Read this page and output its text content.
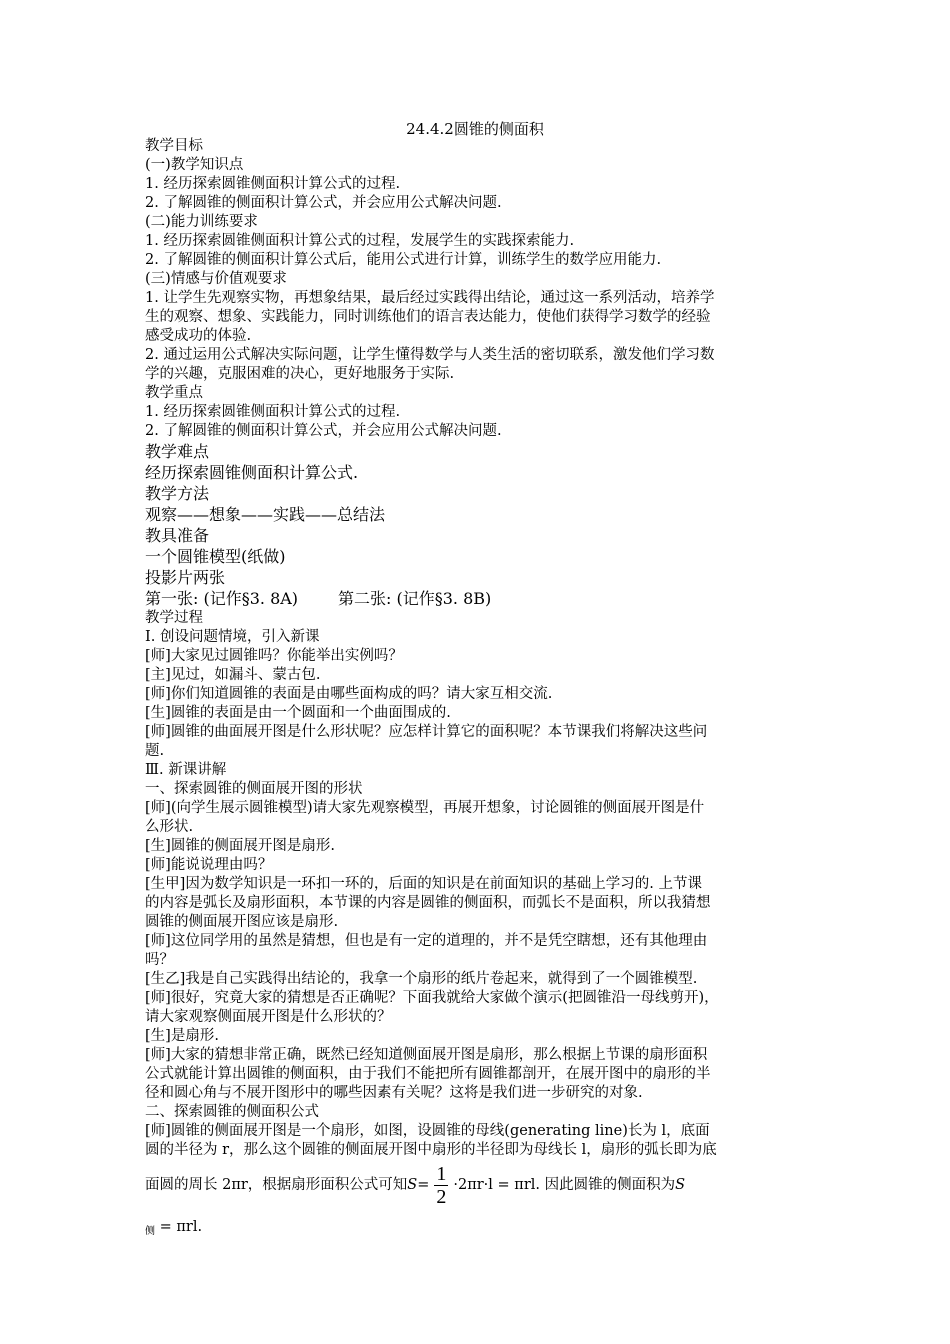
24.4.2圆锥的侧面积
教学目标
(一)教学知识点
1. 经历探索圆锥侧面积计算公式的过程.
2. 了解圆锥的侧面积计算公式，并会应用公式解决问题.
(二)能力训练要求
1. 经历探索圆锥侧面积计算公式的过程，发展学生的实践探索能力.
2. 了解圆锥的侧面积计算公式后，能用公式进行计算，训练学生的数学应用能力.
(三)情感与价值观要求
1. 让学生先观察实物，再想象结果，最后经过实践得出结论，通过这一系列活动，培养学
生的观察、想象、实践能力，同时训练他们的语言表达能力，使他们获得学习数学的经验
感受成功的体验.
2. 通过运用公式解决实际问题，让学生懂得数学与人类生活的密切联系，激发他们学习数
学的兴趣，克服困难的决心，更好地服务于实际.
教学重点
1. 经历探索圆锥侧面积计算公式的过程.
2. 了解圆锥的侧面积计算公式，并会应用公式解决问题.
教学难点
经历探索圆锥侧面积计算公式.
教学方法
观察——想象——实践——总结法
教具准备
一个圆锥模型(纸做)
投影片两张
第一张: (记作§3. 8A)	第二张: (记作§3. 8B)
教学过程
Ⅰ. 创设问题情境，引入新课
[师]大家见过圆锥吗？你能举出实例吗？
[主]见过，如漏斗、蒙古包.
[师]你们知道圆锥的表面是由哪些面构成的吗？请大家互相交流.
[生]圆锥的表面是由一个圆面和一个曲面围成的.
[师]圆锥的曲面展开图是什么形状呢？应怎样计算它的面积呢？本节课我们将解决这些问
题.
Ⅲ. 新课讲解
一、探索圆锥的侧面展开图的形状
[师](向学生展示圆锥模型)请大家先观察模型，再展开想象，讨论圆锥的侧面展开图是什
么形状.
[生]圆锥的侧面展开图是扇形.
[师]能说说理由吗？
[生甲]因为数学知识是一环扣一环的，后面的知识是在前面知识的基础上学习的. 上节课
的内容是弧长及扇形面积，本节课的内容是圆锥的侧面积，而弧长不是面积，所以我猜想
圆锥的侧面展开图应该是扇形.
[师]这位同学用的虽然是猜想，但也是有一定的道理的，并不是凭空瞎想，还有其他理由
吗？
[生乙]我是自己实践得出结论的，我拿一个扇形的纸片卷起来，就得到了一个圆锥模型.
[师]很好，究竟大家的猜想是否正确呢？下面我就给大家做个演示(把圆锥沿一母线剪开)，
请大家观察侧面展开图是什么形状的？
[生]是扇形.
[师]大家的猜想非常正确，既然已经知道侧面展开图是扇形，那么根据上节课的扇形面积
公式就能计算出圆锥的侧面积，由于我们不能把所有圆锥都剖开，在展开图中的扇形的半
径和圆心角与不展开图形中的哪些因素有关呢？这将是我们进一步研究的对象.
二、探索圆锥的侧面积公式
[师]圆锥的侧面展开图是一个扇形，如图，设圆锥的母线(generating line)长为 l，底面
圆的半径为 r，那么这个圆锥的侧面展开图中扇形的半径即为母线长 l，扇形的弧长即为底
面圆的周长 2πr，根据扇形面积公式可知 $S = \frac{1}{2} \cdot 2\pi r\cdot l = \pi rl$. 因此圆锥的侧面积为 S
$_侧$ = πrl.
